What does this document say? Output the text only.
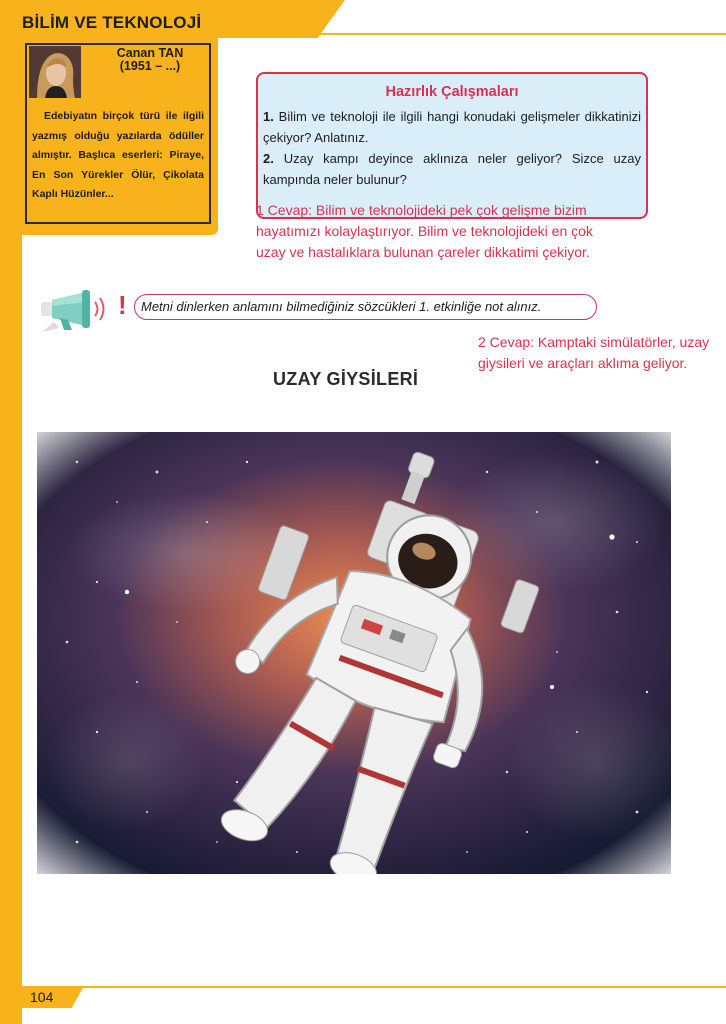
BİLİM VE TEKNOLOJİ
Canan TAN
(1951 – ...)
Edebiyatın birçok türü ile ilgili yazmış olduğu yazılarda ödüller almıştır. Başlıca eserleri: Piraye, En Son Yürekler Ölür, Çikolata Kaplı Hüzünler...
Hazırlık Çalışmaları

1. Bilim ve teknoloji ile ilgili hangi konudaki gelişmeler dikkatinizi çekiyor? Anlatınız.

2. Uzay kampı deyince aklınıza neler geliyor? Sizce uzay kampında neler bulunur?

1 Cevap: Bilim ve teknolojideki pek çok gelişme bizim hayatımızı kolaylaştırıyor. Bilim ve teknolojideki en çok uzay ve hastalıklara bulunan çareler dikkatimi çekiyor.
! Metni dinlerken anlamını bilmediğiniz sözcükleri 1. etkinliğe not alınız.
2 Cevap: Kamptaki simülatörler, uzay giysileri ve araçları aklıma geliyor.
UZAY GİYSİLERİ
104
